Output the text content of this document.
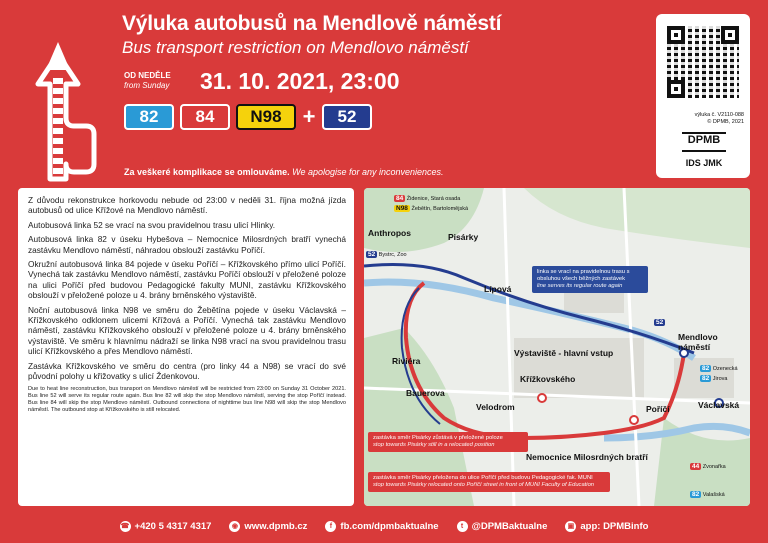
Výluka autobusů na Mendlově náměstí
Bus transport restriction on Mendlovo náměstí
OD NEDĚLE
from Sunday 31. 10. 2021, 23:00
82	84	N98 +	52
Za veškeré komplikace se omlouváme. We apologise for any inconveniences.
výluka č. V2110-088
© DPMB, 2021
DPMB
IDS JMK

Z důvodu rekonstrukce horkovodu nebude od 23:00 v neděli 31. října možná jízda autobusů od ulice Křížové na Mendlovo náměstí.

Autobusová linka 52 se vrací na svou pravidelnou trasu ulicí Hlinky.

Autobusová linka 82 v úseku Hybešova – Nemocnice Milosrdných bratří vynechá zastávku Mendlovo náměstí, náhradou obslouží zastávku Poříčí.

Okružní autobusová linka 84 pojede v úseku Poříčí – Křížkovského přímo ulicí Poříčí. Vynechá tak zastávku Mendlovo náměstí, zastávku Poříčí obslouží v přeložené poloze na ulici Poříčí před budovou Pedagogické fakulty MUNI, zastávku Křížkovského obslouží v přeložené poloze u 4. brány brněnského výstaviště.

Noční autobusová linka N98 ve směru do Žebětína pojede v úseku Václavská – Křížkovského odklonem ulicemi Křížová a Poříčí. Vynechá tak zastávku Mendlovo náměstí, zastávku Křížkovského obslouží v přeložené poloze u 4. brány brněnského výstaviště. Ve směru k hlavnímu nádraží se linka N98 vrací na svou pravidelnou trasu ulicí Křížkovského a přes Mendlovo náměstí.

Zastávka Křížkovského ve směru do centra (pro linky 44 a N98) se vrací do své původní polohy u křižovatky s ulicí Ždenkovou.

Due to heat line reconstruction, bus transport on Mendlovo náměstí will be restricted from 23:00 on Sunday 31 October 2021. Bus line 52 will serve its regular route again. Bus line 82 will skip the stop Mendlovo náměstí, serving the stop Poříčí instead. Bus line 84 will skip the stop Mendlovo náměstí. Outbound connections of nighttime bus line N98 will skip the stop Mendlovo náměstí. The outbound stop at Křížkovského is still relocated.

84 Židenice, Stará osada
N98 Žebětín, Bartolomějská
Anthropos	Pisárky
Lípová
Výstaviště - hlavní vstup
Mendlovo náměstí
Riviéra
Bauerova
Křížkovského
Velodrom	Poříčí	Václavská
Nemocnice Milosrdných bratří
52 Bystrc, Zoo
52
82 Ozenecká
82 Jirova
44 Zvonařka
82 Valašská
linka se vrací na pravidelnou trasu s obsluhou všech běžných zastávek
line serves its regular route again
zastávka směr Pisárky zůstává v přeložené poloze
stop towards Pisárky still in a relocated position
zastávka směr Pisárky přeložena do ulice Poříčí před budovu Pedagogické fak. MUNI
stop towards Pisárky relocated onto Poříčí street in front of MUNI Faculty of Education
☎ +420 5 4317 4317	◉ www.dpmb.cz	f fb.com/dpmbaktualne	t @DPMBaktualne	▣ app: DPMBinfo
